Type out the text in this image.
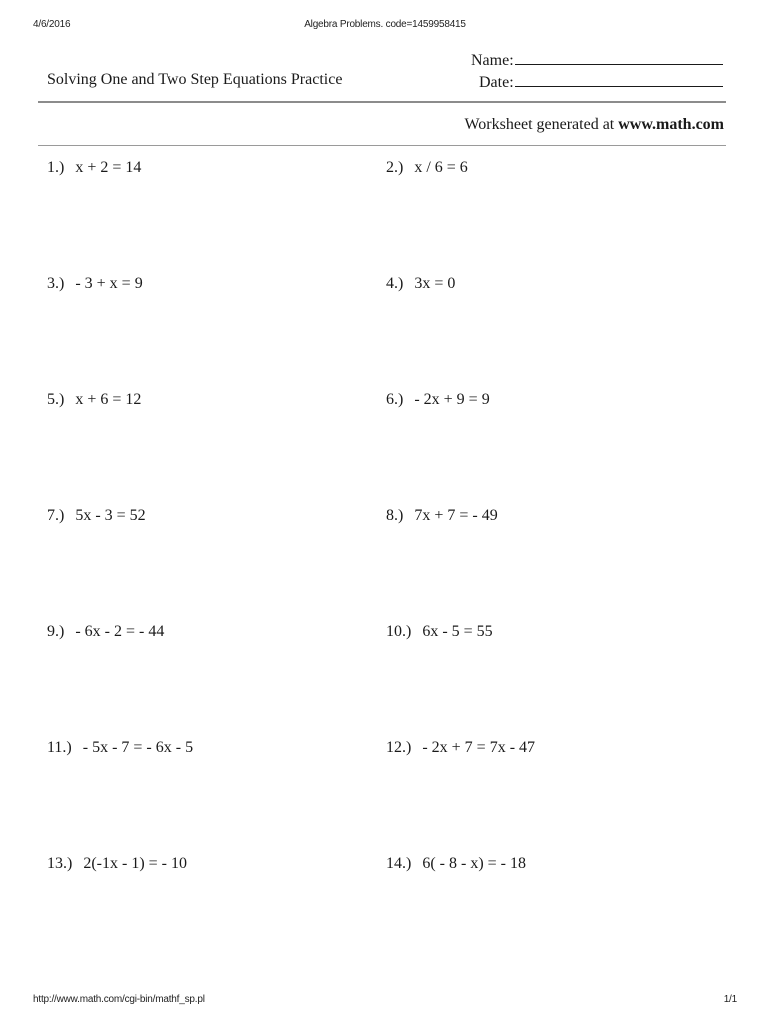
4/6/2016	Algebra Problems. code=1459958415
Solving One and Two Step Equations Practice
Name:
Date:
Worksheet generated at www.math.com
1.) x + 2 = 14	2.) x / 6 = 6
3.) - 3 + x = 9	4.) 3x = 0
5.) x + 6 = 12	6.) - 2x + 9 = 9
7.) 5x - 3 = 52	8.) 7x + 7 = - 49
9.) - 6x - 2 = - 44	10.) 6x - 5 = 55
11.) - 5x - 7 = - 6x - 5	12.) - 2x + 7 = 7x - 47
13.) 2(-1x - 1) = - 10	14.) 6( - 8 - x) = - 18
http://www.math.com/cgi-bin/mathf_sp.pl	1/1
